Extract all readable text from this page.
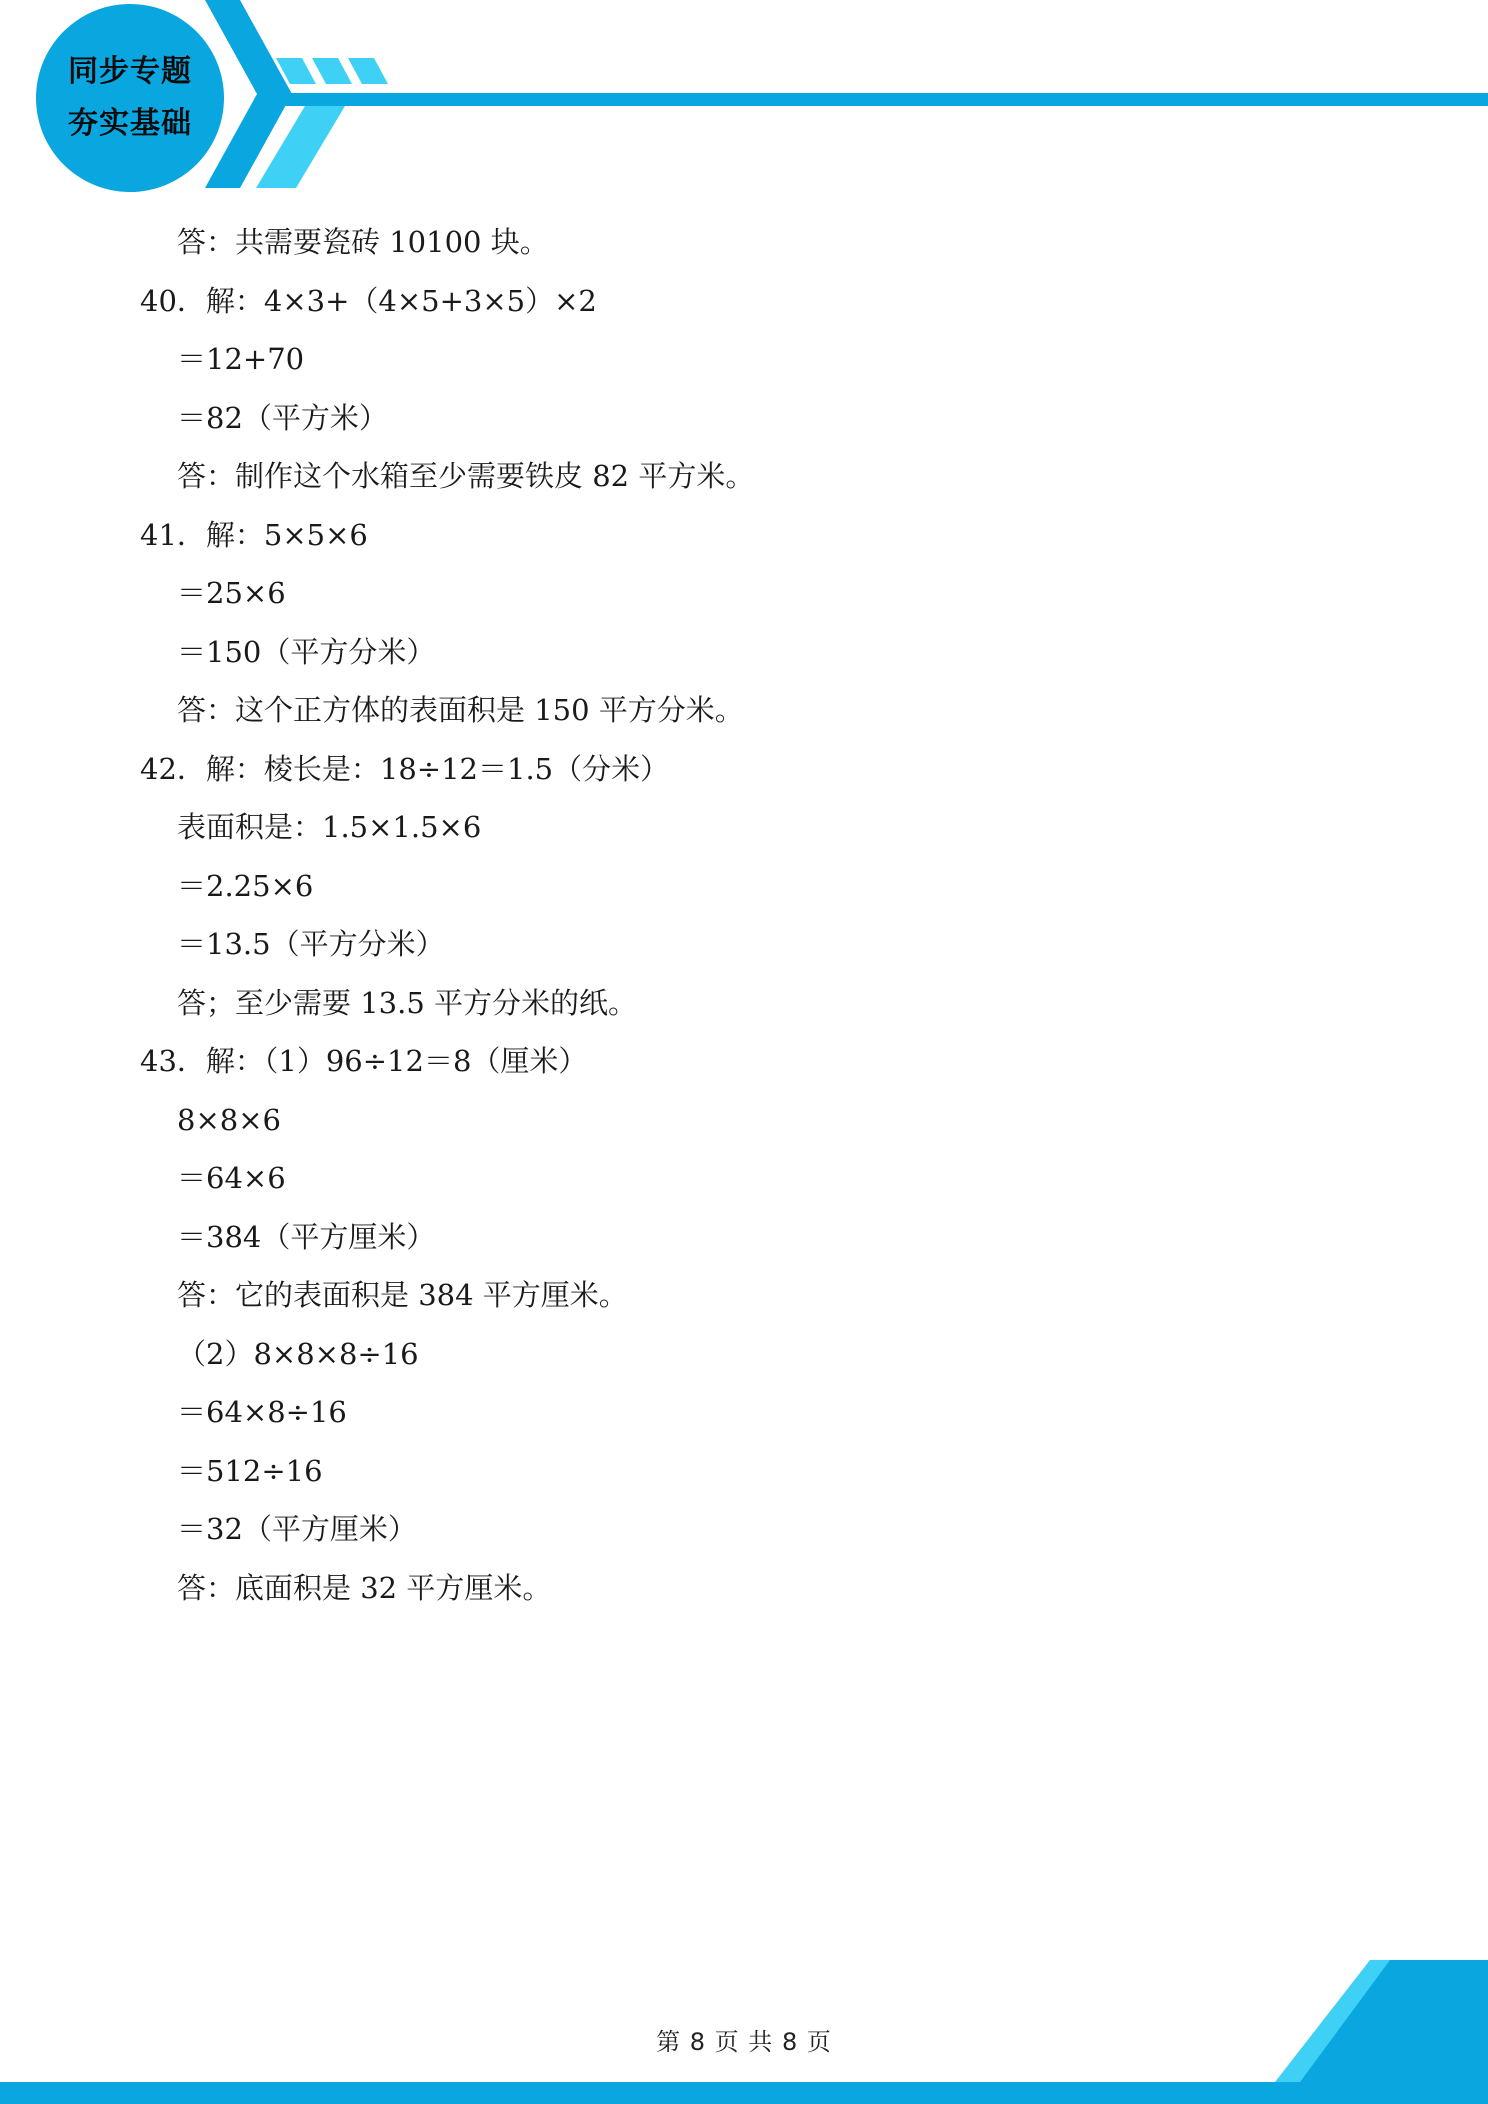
同步专题
夯实基础
答：共需要瓷砖 10100 块。
40．解：4×3+（4×5+3×5）×2
＝12+70
＝82（平方米）
答：制作这个水箱至少需要铁皮 82 平方米。
41．解：5×5×6
＝25×6
＝150（平方分米）
答：这个正方体的表面积是 150 平方分米。
42．解：棱长是：18÷12＝1.5（分米）
表面积是：1.5×1.5×6
＝2.25×6
＝13.5（平方分米）
答；至少需要 13.5 平方分米的纸。
43．解：（1）96÷12＝8（厘米）
8×8×6
＝64×6
＝384（平方厘米）
答：它的表面积是 384 平方厘米。
（2）8×8×8÷16
＝64×8÷16
＝512÷16
＝32（平方厘米）
答：底面积是 32 平方厘米。
第 8 页 共 8 页
